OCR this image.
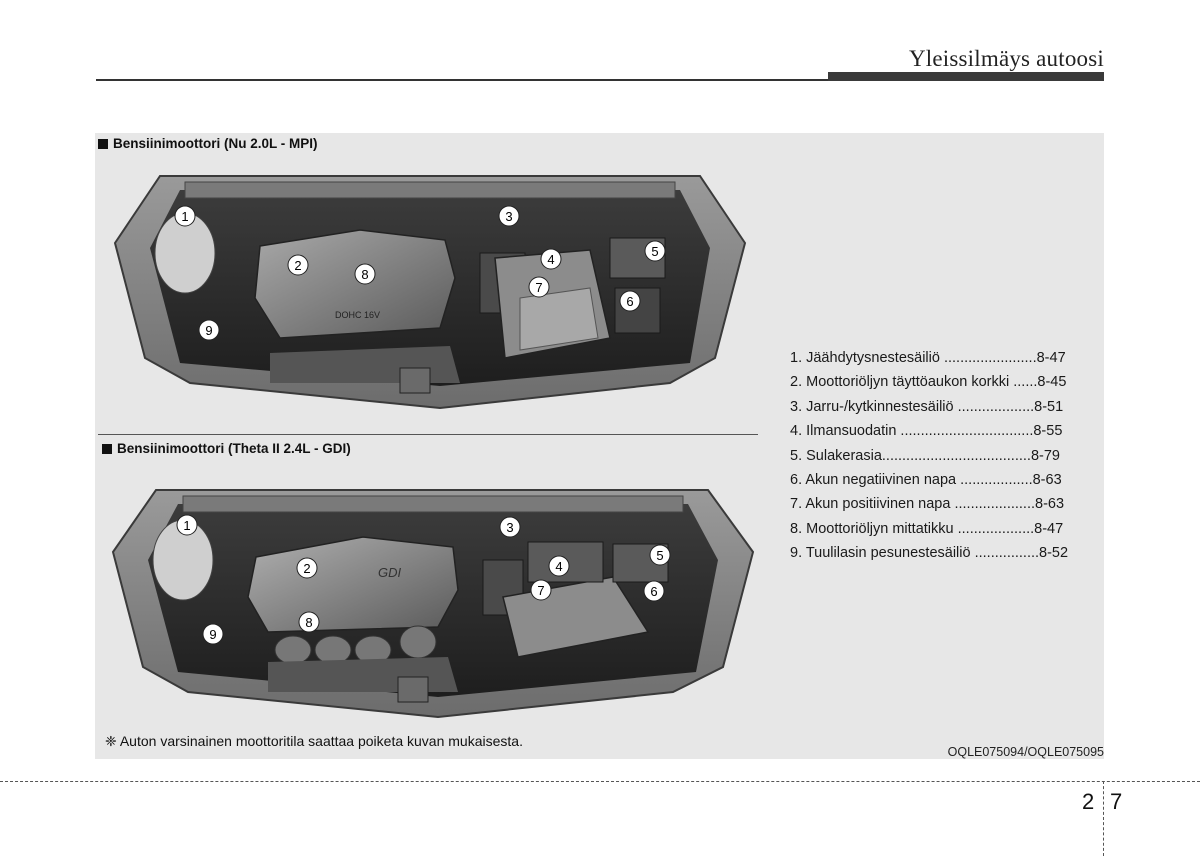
Yleissilmäys autoosi
Bensiinimoottori (Nu 2.0L - MPI)
DOHC 16V
1
2
3
4
5
6
7
8
9
Bensiinimoottori (Theta II 2.4L - GDI)
GDI
1
2
3
4
5
6
7
8
9
1. Jäähdytysnestesäiliö .......................8-47
2. Moottoriöljyn täyttöaukon korkki ......8-45
3. Jarru-/kytkinnestesäiliö ...................8-51
4. Ilmansuodatin .................................8-55
5. Sulakerasia.....................................8-79
6. Akun negatiivinen napa ..................8-63
7. Akun positiivinen napa ....................8-63
8. Moottoriöljyn mittatikku ...................8-47
9. Tuulilasin pesunestesäiliö ................8-52
❈ Auton varsinainen moottoritila saattaa poiketa kuvan mukaisesta.
OQLE075094/OQLE075095
2 7
